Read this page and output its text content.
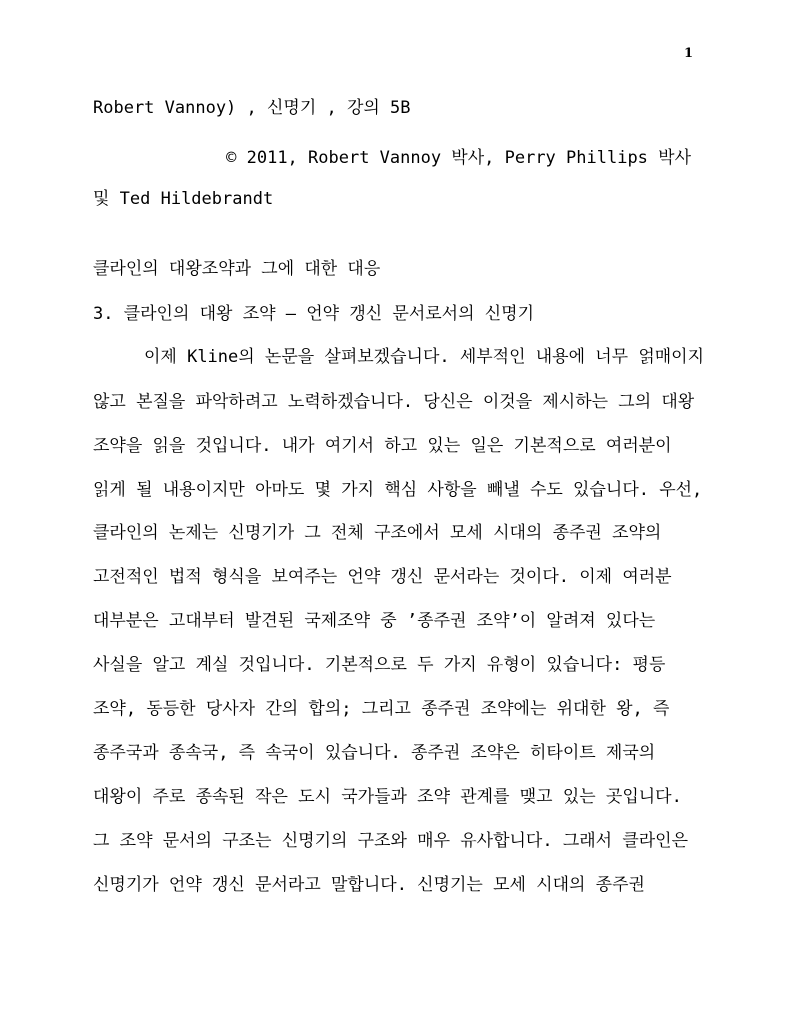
1
Robert Vannoy) , 신명기 , 강의 5B
© 2011, Robert Vannoy 박사, Perry Phillips 박사
및 Ted Hildebrandt
클라인의 대왕조약과 그에 대한 대응
3. 클라인의 대왕 조약 – 언약 갱신 문서로서의 신명기
이제 Kline의 논문을 살펴보겠습니다. 세부적인 내용에 너무 얽매이지
않고 본질을 파악하려고 노력하겠습니다. 당신은 이것을 제시하는 그의 대왕
조약을 읽을 것입니다. 내가 여기서 하고 있는 일은 기본적으로 여러분이
읽게 될 내용이지만 아마도 몇 가지 핵심 사항을 빼낼 수도 있습니다. 우선,
클라인의 논제는 신명기가 그 전체 구조에서 모세 시대의 종주권 조약의
고전적인 법적 형식을 보여주는 언약 갱신 문서라는 것이다. 이제 여러분
대부분은 고대부터 발견된 국제조약 중 ’종주권 조약’이 알려져 있다는
사실을 알고 계실 것입니다. 기본적으로 두 가지 유형이 있습니다: 평등
조약, 동등한 당사자 간의 합의; 그리고 종주권 조약에는 위대한 왕, 즉
종주국과 종속국, 즉 속국이 있습니다. 종주권 조약은 히타이트 제국의
대왕이 주로 종속된 작은 도시 국가들과 조약 관계를 맺고 있는 곳입니다.
그 조약 문서의 구조는 신명기의 구조와 매우 유사합니다. 그래서 클라인은
신명기가 언약 갱신 문서라고 말합니다. 신명기는 모세 시대의 종주권
